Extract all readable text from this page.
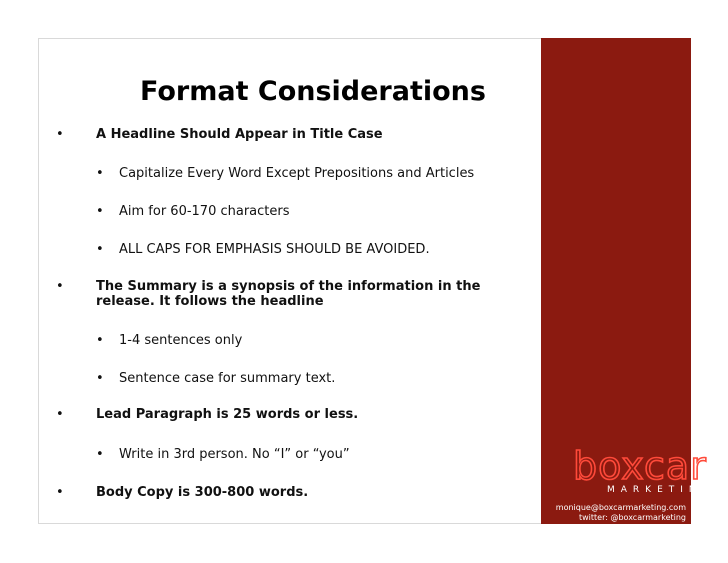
Format Considerations
• A Headline Should Appear in Title Case
• Capitalize Every Word Except Prepositions and Articles
• Aim for 60-170 characters
• ALL CAPS FOR EMPHASIS SHOULD BE AVOIDED.
• The Summary is a synopsis of the information in the release. It follows the headline
• 1-4 sentences only
• Sentence case for summary text.
• Lead Paragraph is 25 words or less.
• Write in 3rd person. No “I” or “you”
• Body Copy is 300-800 words.
boxcar
MARKETING
monique@boxcarmarketing.com
twitter: @boxcarmarketing
